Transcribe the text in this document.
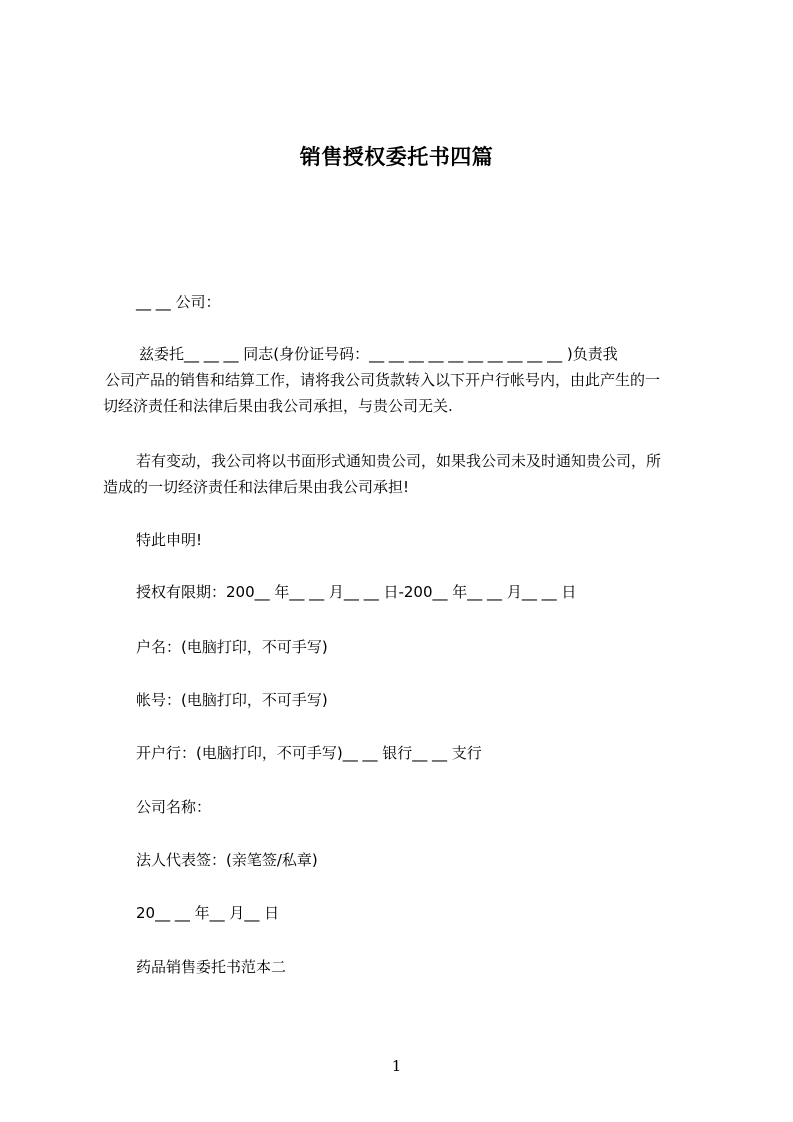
销售授权委托书四篇

__ __ 公司：

兹委托__ __ __ 同志(身份证号码：__ __ __ __ __ __ __ __ __ __ )负责我
公司产品的销售和结算工作，请将我公司货款转入以下开户行帐号内，由此产生的一
切经济责任和法律后果由我公司承担，与贵公司无关.
若有变动，我公司将以书面形式通知贵公司，如果我公司未及时通知贵公司，所
造成的一切经济责任和法律后果由我公司承担!

特此申明!

授权有限期：200__ 年__ __ 月__ __ 日-200__ 年__ __ 月__ __ 日

户名：(电脑打印，不可手写)

帐号：(电脑打印，不可手写)

开户行：(电脑打印，不可手写)__ __ 银行__ __ 支行

公司名称：

法人代表签：(亲笔签/私章)

20__ __ 年__ 月__ 日

药品销售委托书范本二

1
